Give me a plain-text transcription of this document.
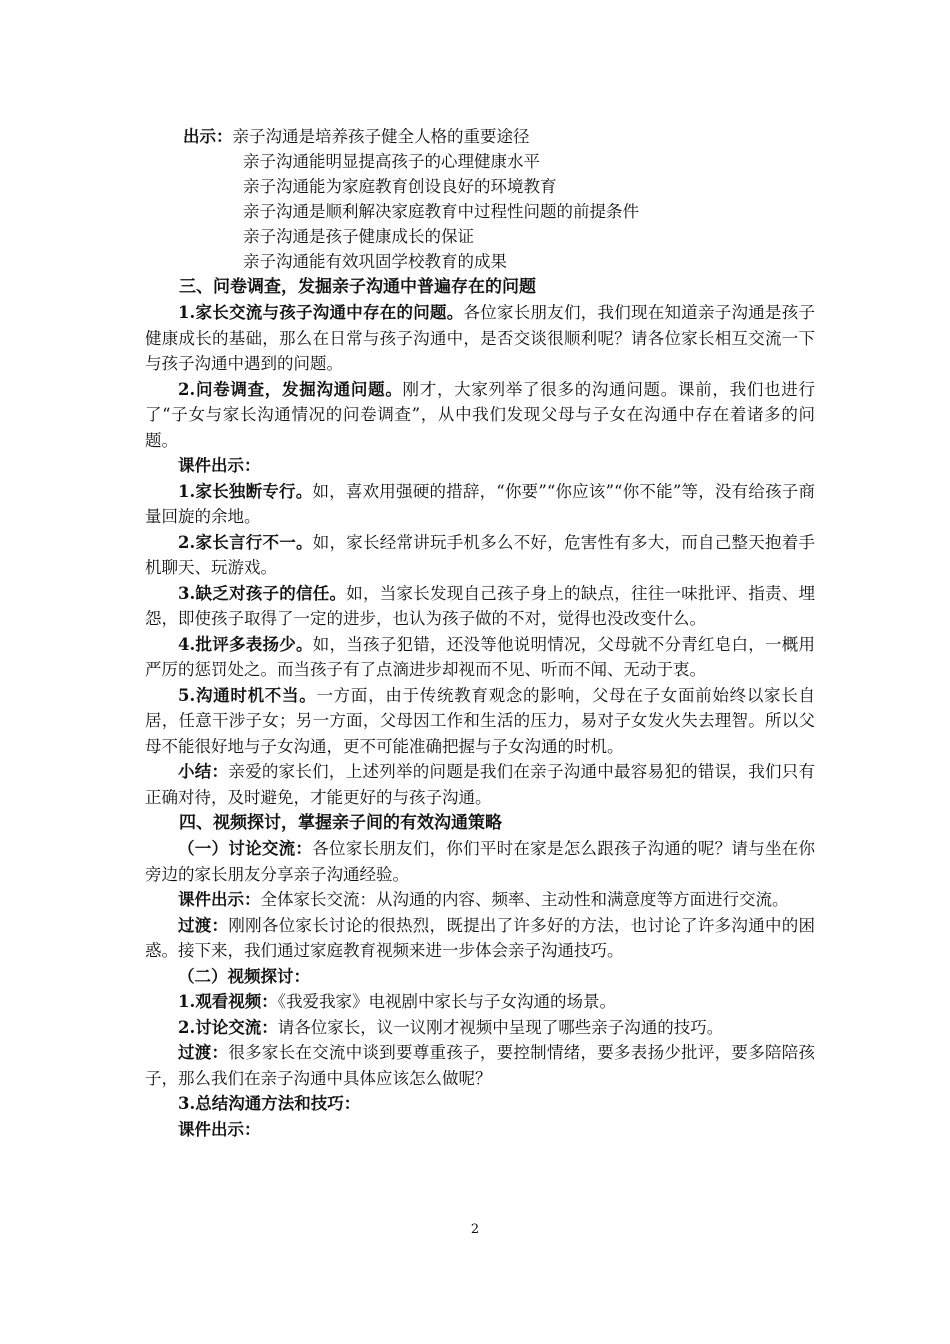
出示：亲子沟通是培养孩子健全人格的重要途径
亲子沟通能明显提高孩子的心理健康水平
亲子沟通能为家庭教育创设良好的环境教育
亲子沟通是顺利解决家庭教育中过程性问题的前提条件
亲子沟通是孩子健康成长的保证
亲子沟通能有效巩固学校教育的成果
三、问卷调查，发掘亲子沟通中普遍存在的问题

1.家长交流与孩子沟通中存在的问题。各位家长朋友们，我们现在知道亲子沟通是孩子健康成长的基础，那么在日常与孩子沟通中，是否交谈很顺利呢？请各位家长相互交流一下与孩子沟通中遇到的问题。

2.问卷调查，发掘沟通问题。刚才，大家列举了很多的沟通问题。课前，我们也进行了“子女与家长沟通情况的问卷调查”，从中我们发现父母与子女在沟通中存在着诸多的问题。

课件出示：

1.家长独断专行。如，喜欢用强硬的措辞，“你要”“你应该”“你不能”等，没有给孩子商量回旋的余地。

2.家长言行不一。如，家长经常讲玩手机多么不好，危害性有多大，而自己整天抱着手机聊天、玩游戏。

3.缺乏对孩子的信任。如，当家长发现自己孩子身上的缺点，往往一味批评、指责、埋怨，即使孩子取得了一定的进步，也认为孩子做的不对，觉得也没改变什么。

4.批评多表扬少。如，当孩子犯错，还没等他说明情况，父母就不分青红皂白，一概用严厉的惩罚处之。而当孩子有了点滴进步却视而不见、听而不闻、无动于衷。

5.沟通时机不当。一方面，由于传统教育观念的影响，父母在子女面前始终以家长自居，任意干涉子女；另一方面，父母因工作和生活的压力，易对子女发火失去理智。所以父母不能很好地与子女沟通，更不可能准确把握与子女沟通的时机。

小结：亲爱的家长们，上述列举的问题是我们在亲子沟通中最容易犯的错误，我们只有正确对待，及时避免，才能更好的与孩子沟通。

四、视频探讨，掌握亲子间的有效沟通策略

（一）讨论交流：各位家长朋友们，你们平时在家是怎么跟孩子沟通的呢？请与坐在你旁边的家长朋友分享亲子沟通经验。

课件出示：全体家长交流：从沟通的内容、频率、主动性和满意度等方面进行交流。

过渡：刚刚各位家长讨论的很热烈，既提出了许多好的方法，也讨论了许多沟通中的困惑。接下来，我们通过家庭教育视频来进一步体会亲子沟通技巧。

（二）视频探讨：

1.观看视频：《我爱我家》电视剧中家长与子女沟通的场景。

2.讨论交流：请各位家长，议一议刚才视频中呈现了哪些亲子沟通的技巧。

过渡：很多家长在交流中谈到要尊重孩子，要控制情绪，要多表扬少批评，要多陪陪孩子，那么我们在亲子沟通中具体应该怎么做呢？

3.总结沟通方法和技巧：

课件出示：

2
